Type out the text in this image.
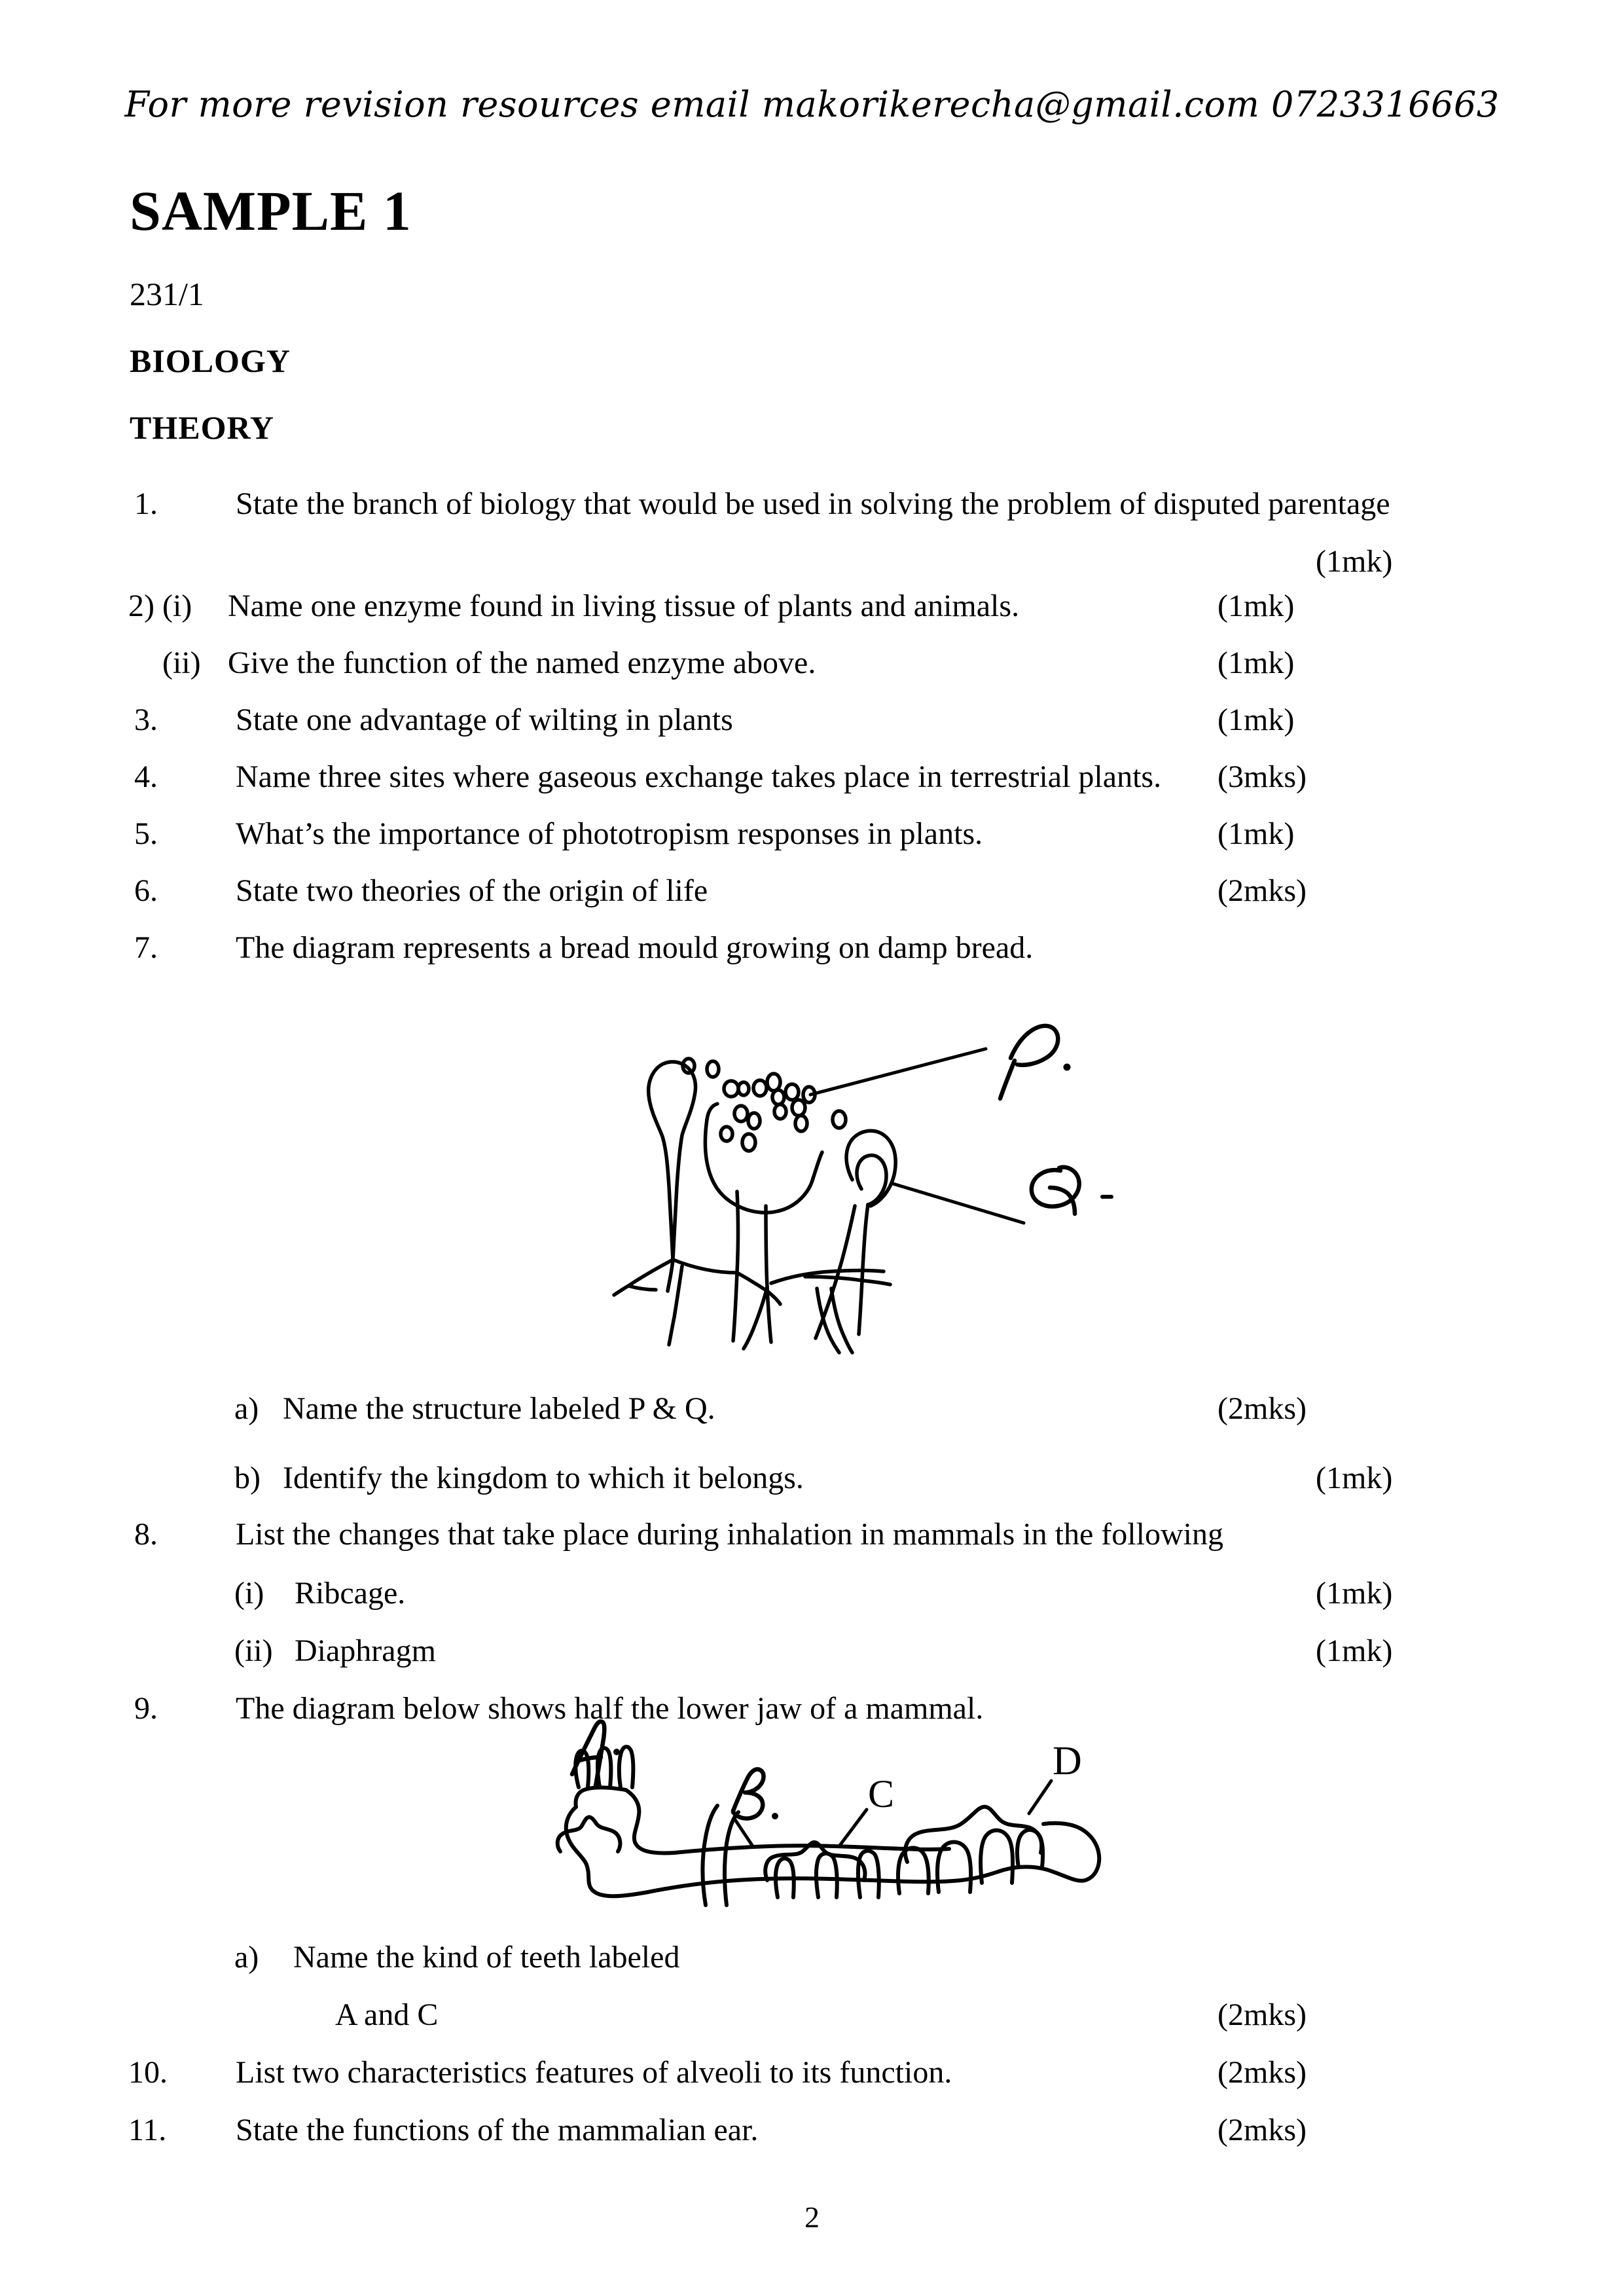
For more revision resources email makorikerecha@gmail.com 0723316663
SAMPLE 1
231/1
BIOLOGY
THEORY
1. State the branch of biology that would be used in solving the problem of disputed parentage
(1mk)
2) (i) Name one enzyme found in living tissue of plants and animals.	(1mk)
(ii) Give the function of the named enzyme above.	(1mk)
3. State one advantage of wilting in plants	(1mk)
4. Name three sites where gaseous exchange takes place in terrestrial plants. (3mks)
5. What’s the importance of phototropism responses in plants.	(1mk)
6. State two theories of the origin of life	(2mks)
7. The diagram represents a bread mould growing on damp bread.
a) Name the structure labeled P & Q.	(2mks)
b) Identify the kingdom to which it belongs.	(1mk)
8. List the changes that take place during inhalation in mammals in the following
(i) Ribcage.	(1mk)
(ii) Diaphragm	(1mk)
9. The diagram below shows half the lower jaw of a mammal.
C
D
a) Name the kind of teeth labeled
A and C	(2mks)
10. List two characteristics features of alveoli to its function.	(2mks)
11. State the functions of the mammalian ear.	(2mks)
2
